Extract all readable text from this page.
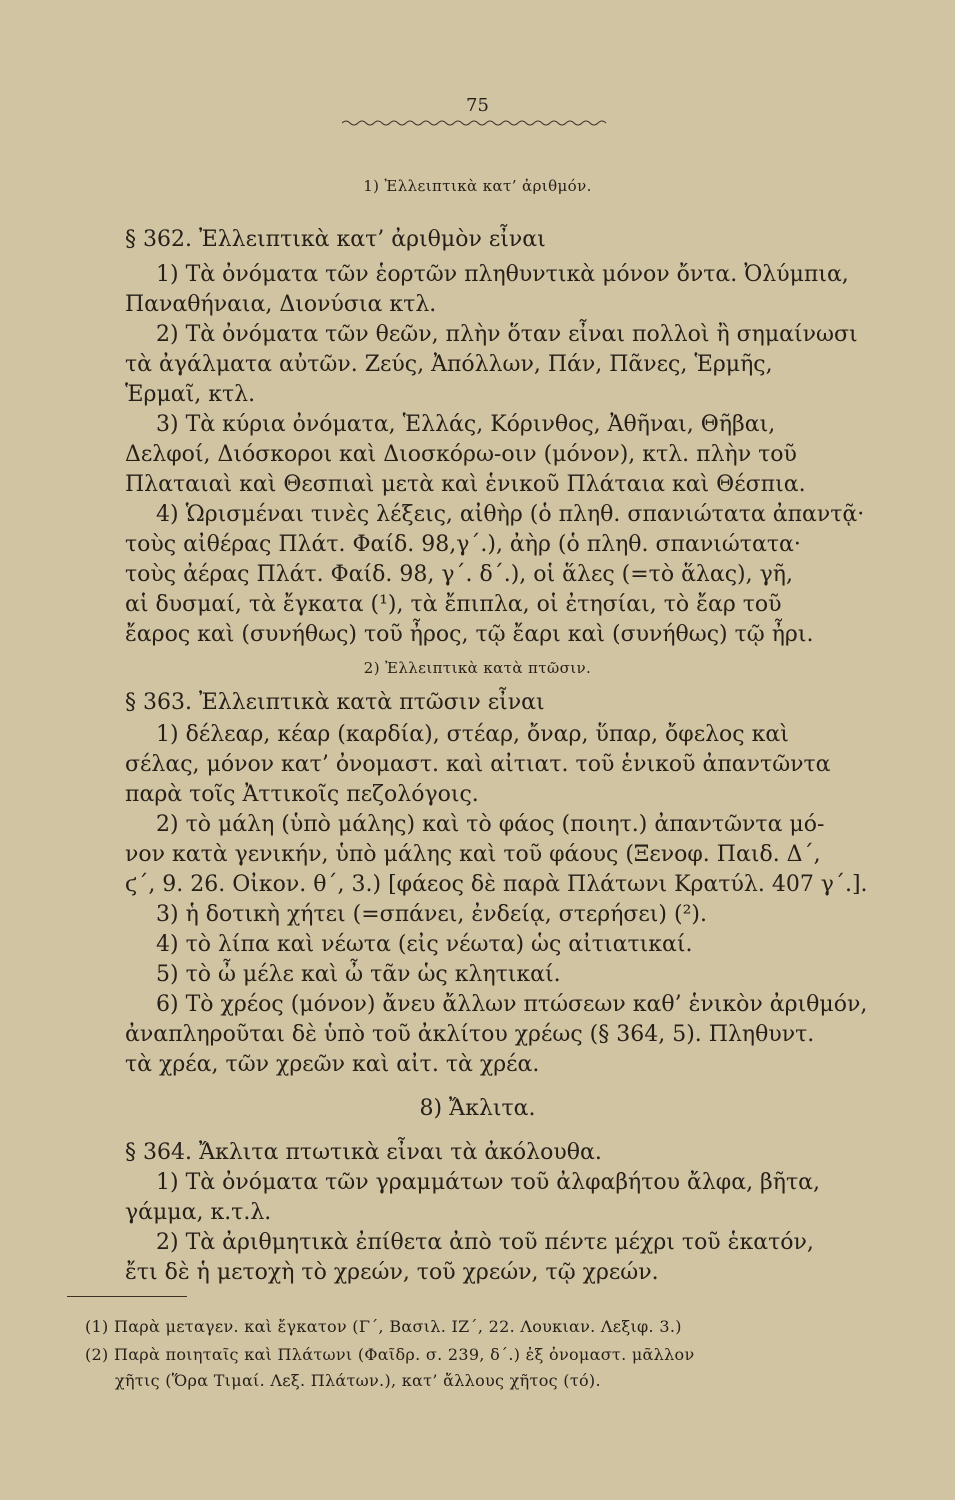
75
1) Ἐλλειπτικὰ κατ’ ἀριθμόν.
§ 362. Ἐλλειπτικὰ κατ’ ἀριθμὸν εἶναι
1) Τὰ ὀνόματα τῶν ἑορτῶν πληθυντικὰ μόνον ὄντα. Ὀλύμπια,
Παναθήναια, Διονύσια κτλ.
2) Τὰ ὀνόματα τῶν θεῶν, πλὴν ὅταν εἶναι πολλοὶ ἢ σημαίνωσι
τὰ ἀγάλματα αὐτῶν. Ζεύς, Ἀπόλλων, Πάν, Πᾶνες, Ἑρμῆς,
Ἑρμαῖ, κτλ.
3) Τὰ κύρια ὀνόματα, Ἑλλάς, Κόρινθος, Ἀθῆναι, Θῆβαι,
Δελφοί, Διόσκοροι καὶ Διοσκόρω-οιν (μόνον), κτλ. πλὴν τοῦ
Πλαταιαὶ καὶ Θεσπιαὶ μετὰ καὶ ἑνικοῦ Πλάταια καὶ Θέσπια.
4) Ὡρισμέναι τινὲς λέξεις, αἰθὴρ (ὁ πληθ. σπανιώτατα ἀπαντᾷ·
τοὺς αἰθέρας Πλάτ. Φαίδ. 98,γ΄.), ἀὴρ (ὁ πληθ. σπανιώτατα·
τοὺς ἀέρας Πλάτ. Φαίδ. 98, γ΄. δ΄.), οἱ ἅλες (=τὸ ἅλας), γῆ,
αἱ δυσμαί, τὰ ἔγκατα (¹), τὰ ἔπιπλα, οἱ ἐτησίαι, τὸ ἔαρ τοῦ
ἔαρος καὶ (συνήθως) τοῦ ἦρος, τῷ ἔαρι καὶ (συνήθως) τῷ ἦρι.
2) Ἐλλειπτικὰ κατὰ πτῶσιν.
§ 363. Ἐλλειπτικὰ κατὰ πτῶσιν εἶναι
1) δέλεαρ, κέαρ (καρδία), στέαρ, ὄναρ, ὕπαρ, ὄφελος καὶ
σέλας, μόνον κατ’ ὀνομαστ. καὶ αἰτιατ. τοῦ ἑνικοῦ ἀπαντῶντα
παρὰ τοῖς Ἀττικοῖς πεζολόγοις.
2) τὸ μάλη (ὑπὸ μάλης) καὶ τὸ φάος (ποιητ.) ἀπαντῶντα μό-
νον κατὰ γενικήν, ὑπὸ μάλης καὶ τοῦ φάους (Ξενοφ. Παιδ. Δ΄,
ϛ΄, 9. 26. Οἰκον. θ΄, 3.) [φάεος δὲ παρὰ Πλάτωνι Κρατύλ. 407 γ΄.].
3) ἡ δοτικὴ χήτει (=σπάνει, ἐνδείᾳ, στερήσει) (²).
4) τὸ λίπα καὶ νέωτα (εἰς νέωτα) ὡς αἰτιατικαί.
5) τὸ ὦ μέλε καὶ ὦ τᾶν ὡς κλητικαί.
6) Τὸ χρέος (μόνον) ἄνευ ἄλλων πτώσεων καθ’ ἑνικὸν ἀριθμόν,
ἀναπληροῦται δὲ ὑπὸ τοῦ ἀκλίτου χρέως (§ 364, 5). Πληθυντ.
τὰ χρέα, τῶν χρεῶν καὶ αἰτ. τὰ χρέα.
8) Ἄκλιτα.
§ 364. Ἄκλιτα πτωτικὰ εἶναι τὰ ἀκόλουθα.
1) Τὰ ὀνόματα τῶν γραμμάτων τοῦ ἀλφαβήτου ἄλφα, βῆτα,
γάμμα, κ.τ.λ.
2) Τὰ ἀριθμητικὰ ἐπίθετα ἀπὸ τοῦ πέντε μέχρι τοῦ ἑκατόν,
ἔτι δὲ ἡ μετοχὴ τὸ χρεών, τοῦ χρεών, τῷ χρεών.
(1) Παρὰ μεταγεν. καὶ ἔγκατον (Γ΄, Βασιλ. ΙΖ΄, 22. Λουκιαν. Λεξιφ. 3.)
(2) Παρὰ ποιηταῖς καὶ Πλάτωνι (Φαῖδρ. σ. 239, δ΄.) ἐξ ὀνομαστ. μᾶλλον
χῆτις (Ὅρα Τιμαί. Λεξ. Πλάτων.), κατ’ ἄλλους χῆτος (τό).
